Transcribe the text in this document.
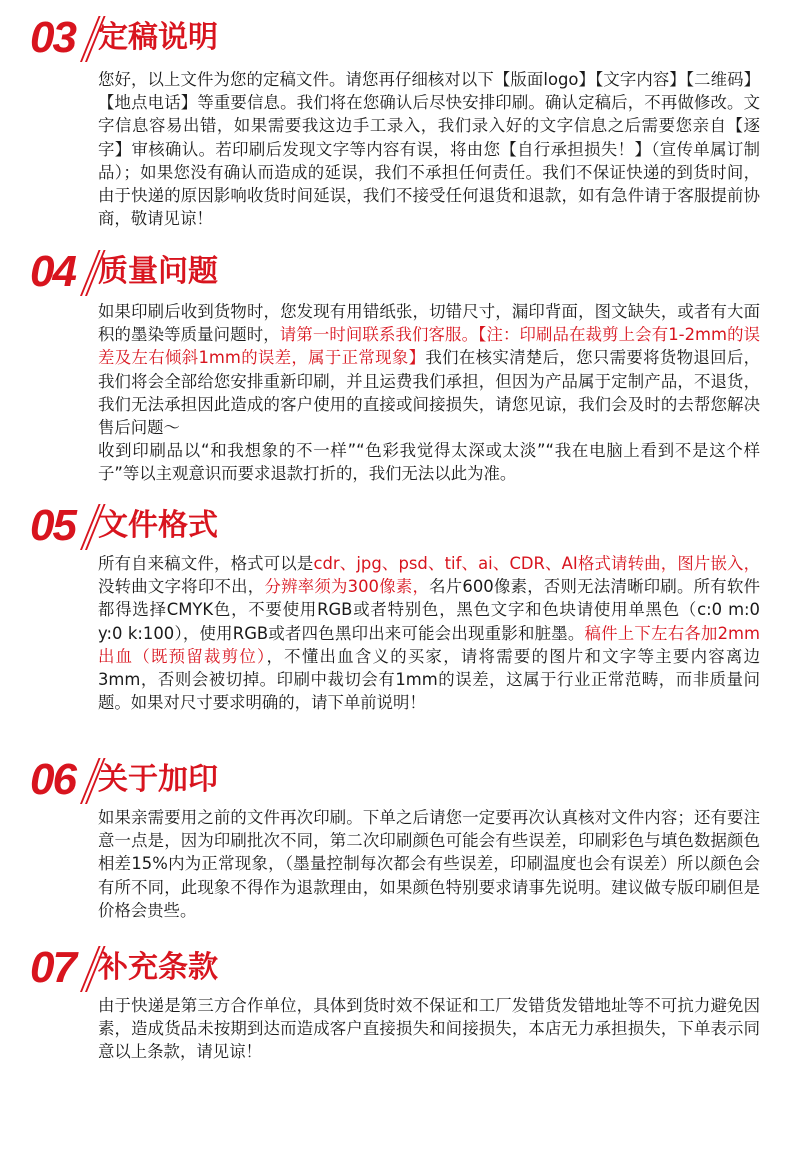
03 定稿说明

您好，以上文件为您的定稿文件。请您再仔细核对以下【版面logo】【文字内容】【二维码】【地点电话】等重要信息。我们将在您确认后尽快安排印刷。确认定稿后，不再做修改。文字信息容易出错，如果需要我这边手工录入，我们录入好的文字信息之后需要您亲自【逐字】审核确认。若印刷后发现文字等内容有误，将由您【自行承担损失！】（宣传单属订制品）；如果您没有确认而造成的延误，我们不承担任何责任。我们不保证快递的到货时间，由于快递的原因影响收货时间延误，我们不接受任何退货和退款，如有急件请于客服提前协商，敬请见谅！

04 质量问题

如果印刷后收到货物时，您发现有用错纸张，切错尺寸，漏印背面，图文缺失，或者有大面积的墨染等质量问题时，请第一时间联系我们客服。【注：印刷品在裁剪上会有1-2mm的误差及左右倾斜1mm的误差，属于正常现象】我们在核实清楚后，您只需要将货物退回后，我们将会全部给您安排重新印刷，并且运费我们承担，但因为产品属于定制产品，不退货，我们无法承担因此造成的客户使用的直接或间接损失，请您见谅，我们会及时的去帮您解决售后问题～

收到印刷品以“和我想象的不一样”“色彩我觉得太深或太淡”“我在电脑上看到不是这个样子”等以主观意识而要求退款打折的，我们无法以此为准。

05 文件格式

所有自来稿文件，格式可以是cdr、jpg、psd、tif、ai、CDR、AI格式请转曲，图片嵌入，没转曲文字将印不出，分辨率须为300像素，名片600像素，否则无法清晰印刷。所有软件都得选择CMYK色，不要使用RGB或者特别色，黑色文字和色块请使用单黑色（c:0 m:0 y:0 k:100），使用RGB或者四色黑印出来可能会出现重影和脏墨。稿件上下左右各加2mm出血（既预留裁剪位），不懂出血含义的买家，请将需要的图片和文字等主要内容离边3mm，否则会被切掉。印刷中裁切会有1mm的误差，这属于行业正常范畴，而非质量问题。如果对尺寸要求明确的，请下单前说明！

06 关于加印

如果亲需要用之前的文件再次印刷。下单之后请您一定要再次认真核对文件内容；还有要注意一点是，因为印刷批次不同，第二次印刷颜色可能会有些误差，印刷彩色与填色数据颜色相差15%内为正常现象，（墨量控制每次都会有些误差，印刷温度也会有误差）所以颜色会有所不同，此现象不得作为退款理由，如果颜色特别要求请事先说明。建议做专版印刷但是价格会贵些。

07 补充条款

由于快递是第三方合作单位，具体到货时效不保证和工厂发错货发错地址等不可抗力避免因素，造成货品未按期到达而造成客户直接损失和间接损失，本店无力承担损失，下单表示同意以上条款，请见谅！
